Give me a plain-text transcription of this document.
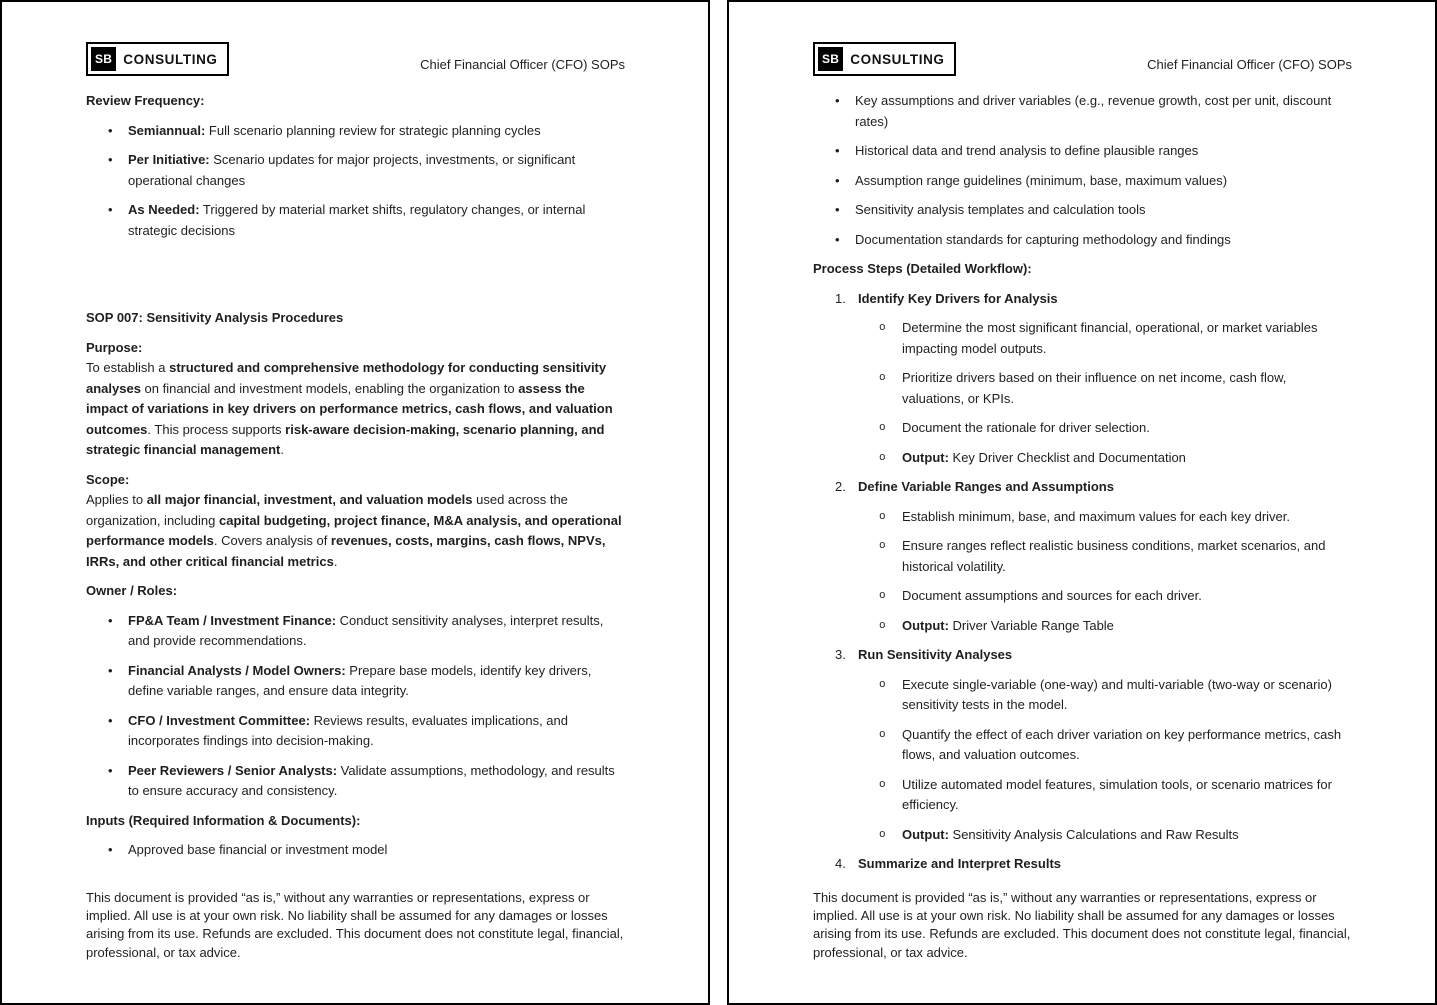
SB CONSULTING	Chief Financial Officer (CFO) SOPs

Review Frequency:

•	Semiannual: Full scenario planning review for strategic planning cycles
•	Per Initiative: Scenario updates for major projects, investments, or significant operational changes
•	As Needed: Triggered by material market shifts, regulatory changes, or internal strategic decisions

SOP 007: Sensitivity Analysis Procedures

Purpose:
To establish a structured and comprehensive methodology for conducting sensitivity analyses on financial and investment models, enabling the organization to assess the impact of variations in key drivers on performance metrics, cash flows, and valuation outcomes. This process supports risk-aware decision-making, scenario planning, and strategic financial management.

Scope:
Applies to all major financial, investment, and valuation models used across the organization, including capital budgeting, project finance, M&A analysis, and operational performance models. Covers analysis of revenues, costs, margins, cash flows, NPVs, IRRs, and other critical financial metrics.

Owner / Roles:

•	FP&A Team / Investment Finance: Conduct sensitivity analyses, interpret results, and provide recommendations.
•	Financial Analysts / Model Owners: Prepare base models, identify key drivers, define variable ranges, and ensure data integrity.
•	CFO / Investment Committee: Reviews results, evaluates implications, and incorporates findings into decision-making.
•	Peer Reviewers / Senior Analysts: Validate assumptions, methodology, and results to ensure accuracy and consistency.

Inputs (Required Information & Documents):

•	Approved base financial or investment model

This document is provided “as is,” without any warranties or representations, express or implied. All use is at your own risk. No liability shall be assumed for any damages or losses arising from its use. Refunds are excluded. This document does not constitute legal, financial, professional, or tax advice.

SB CONSULTING	Chief Financial Officer (CFO) SOPs
•	Key assumptions and driver variables (e.g., revenue growth, cost per unit, discount rates)
•	Historical data and trend analysis to define plausible ranges
•	Assumption range guidelines (minimum, base, maximum values)
•	Sensitivity analysis templates and calculation tools
•	Documentation standards for capturing methodology and findings

Process Steps (Detailed Workflow):

1. Identify Key Drivers for Analysis
o	Determine the most significant financial, operational, or market variables impacting model outputs.
o	Prioritize drivers based on their influence on net income, cash flow, valuations, or KPIs.
o	Document the rationale for driver selection.
o	Output: Key Driver Checklist and Documentation
2. Define Variable Ranges and Assumptions
o	Establish minimum, base, and maximum values for each key driver.
o	Ensure ranges reflect realistic business conditions, market scenarios, and historical volatility.
o	Document assumptions and sources for each driver.
o	Output: Driver Variable Range Table
3. Run Sensitivity Analyses
o	Execute single-variable (one-way) and multi-variable (two-way or scenario) sensitivity tests in the model.
o	Quantify the effect of each driver variation on key performance metrics, cash flows, and valuation outcomes.
o	Utilize automated model features, simulation tools, or scenario matrices for efficiency.
o	Output: Sensitivity Analysis Calculations and Raw Results
4. Summarize and Interpret Results

This document is provided “as is,” without any warranties or representations, express or implied. All use is at your own risk. No liability shall be assumed for any damages or losses arising from its use. Refunds are excluded. This document does not constitute legal, financial, professional, or tax advice.
